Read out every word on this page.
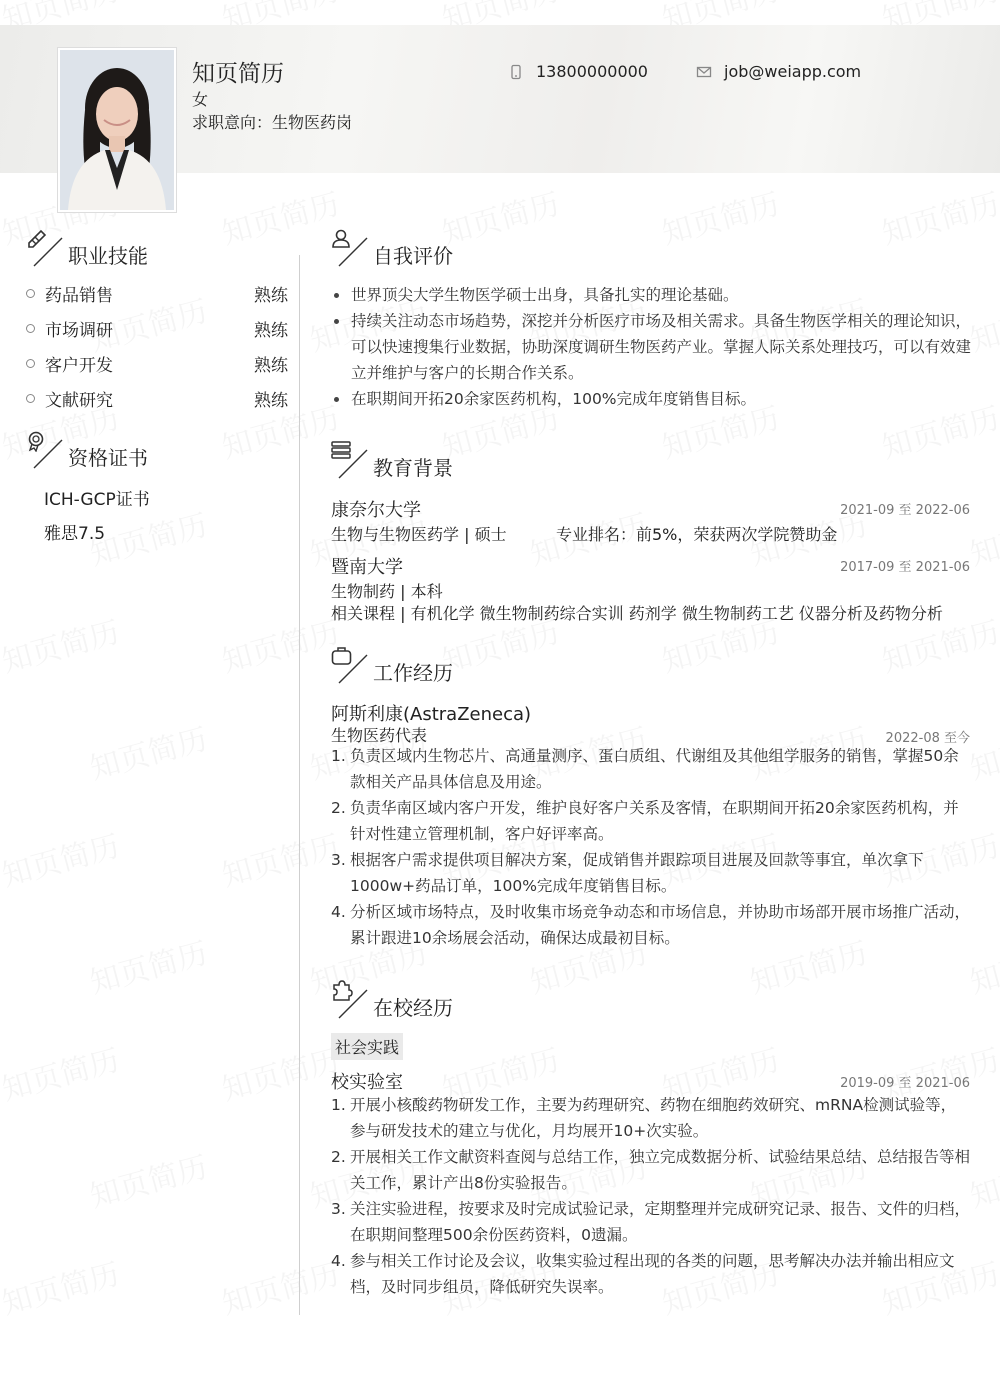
知页简历
女
求职意向：生物医药岗
13800000000	job@weiapp.com
职业技能
药品销售	熟练
市场调研	熟练
客户开发	熟练
文献研究	熟练
资格证书
ICH-GCP证书
雅思7.5
自我评价
世界顶尖大学生物医学硕士出身，具备扎实的理论基础。
持续关注动态市场趋势，深挖并分析医疗市场及相关需求。具备生物医学相关的理论知识，可以快速搜集行业数据，协助深度调研生物医药产业。掌握人际关系处理技巧，可以有效建立并维护与客户的长期合作关系。
在职期间开拓20余家医药机构，100%完成年度销售目标。
教育背景
康奈尔大学	2021-09 至 2022-06
生物与生物医药学 | 硕士	专业排名：前5%，荣获两次学院赞助金
暨南大学	2017-09 至 2021-06
生物制药 | 本科
相关课程 | 有机化学 微生物制药综合实训 药剂学 微生物制药工艺 仪器分析及药物分析
工作经历
阿斯利康(AstraZeneca)
生物医药代表	2022-08 至今
1. 负责区域内生物芯片、高通量测序、蛋白质组、代谢组及其他组学服务的销售，掌握50余款相关产品具体信息及用途。
2. 负责华南区域内客户开发，维护良好客户关系及客情，在职期间开拓20余家医药机构，并针对性建立管理机制，客户好评率高。
3. 根据客户需求提供项目解决方案，促成销售并跟踪项目进展及回款等事宜，单次拿下1000w+药品订单，100%完成年度销售目标。
4. 分析区域市场特点，及时收集市场竞争动态和市场信息，并协助市场部开展市场推广活动，累计跟进10余场展会活动，确保达成最初目标。
在校经历
社会实践
校实验室	2019-09 至 2021-06
1. 开展小核酸药物研发工作，主要为药理研究、药物在细胞药效研究、mRNA检测试验等，参与研发技术的建立与优化，月均展开10+次实验。
2. 开展相关工作文献资料查阅与总结工作，独立完成数据分析、试验结果总结、总结报告等相关工作，累计产出8份实验报告。
3. 关注实验进程，按要求及时完成试验记录，定期整理并完成研究记录、报告、文件的归档，在职期间整理500余份医药资料，0遗漏。
4. 参与相关工作讨论及会议，收集实验过程出现的各类的问题，思考解决办法并输出相应文档，及时同步组员，降低研究失误率。
